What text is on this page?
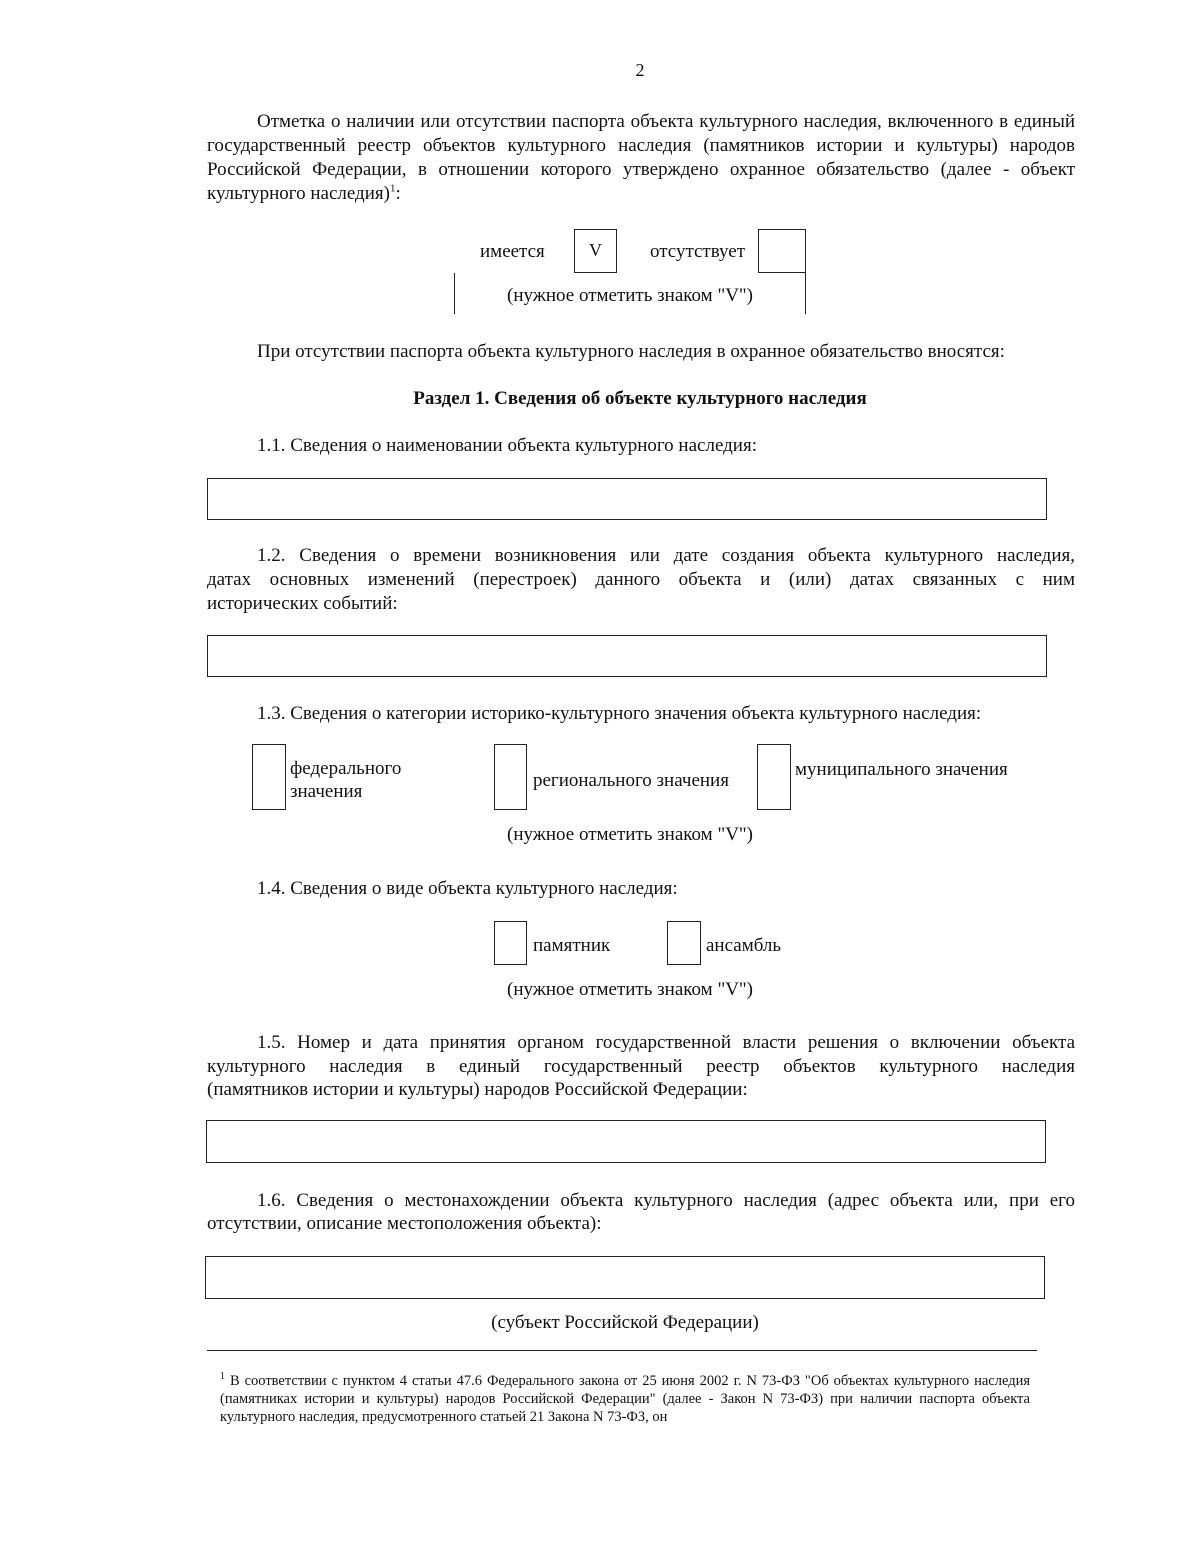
2

Отметка о наличии или отсутствии паспорта объекта культурного наследия, включенного в единый государственный реестр объектов культурного наследия (памятников истории и культуры) народов Российской Федерации, в отношении которого утверждено охранное обязательство (далее - объект культурного наследия)$^1$:

имеется	V	отсутствует
(нужное отметить знаком "V")
При отсутствии паспорта объекта культурного наследия в охранное обязательство вносятся:
Раздел 1. Сведения об объекте культурного наследия
1.1. Сведения о наименовании объекта культурного наследия:
1.2. Сведения о времени возникновения или дате создания объекта культурного наследия,
датах основных изменений (перестроек) данного объекта и (или) датах связанных с ним
исторических событий:
1.3. Сведения о категории историко-культурного значения объекта культурного наследия:
федерального
значения
регионального значения
муниципального значения
(нужное отметить знаком "V")
1.4. Сведения о виде объекта культурного наследия:
памятник	ансамбль
(нужное отметить знаком "V")
1.5. Номер и дата принятия органом государственной власти решения о включении объекта
культурного наследия в единый государственный реестр объектов культурного наследия
(памятников истории и культуры) народов Российской Федерации:
1.6. Сведения о местонахождении объекта культурного наследия (адрес объекта или, при его
отсутствии, описание местоположения объекта):
(субъект Российской Федерации)
$^1$ В соответствии с пунктом 4 статьи 47.6 Федерального закона от 25 июня 2002 г. N 73-ФЗ "Об объектах культурного наследия (памятниках истории и культуры) народов Российской Федерации" (далее - Закон N 73-ФЗ) при наличии паспорта объекта культурного наследия, предусмотренного статьей 21 Закона N 73-ФЗ, он
